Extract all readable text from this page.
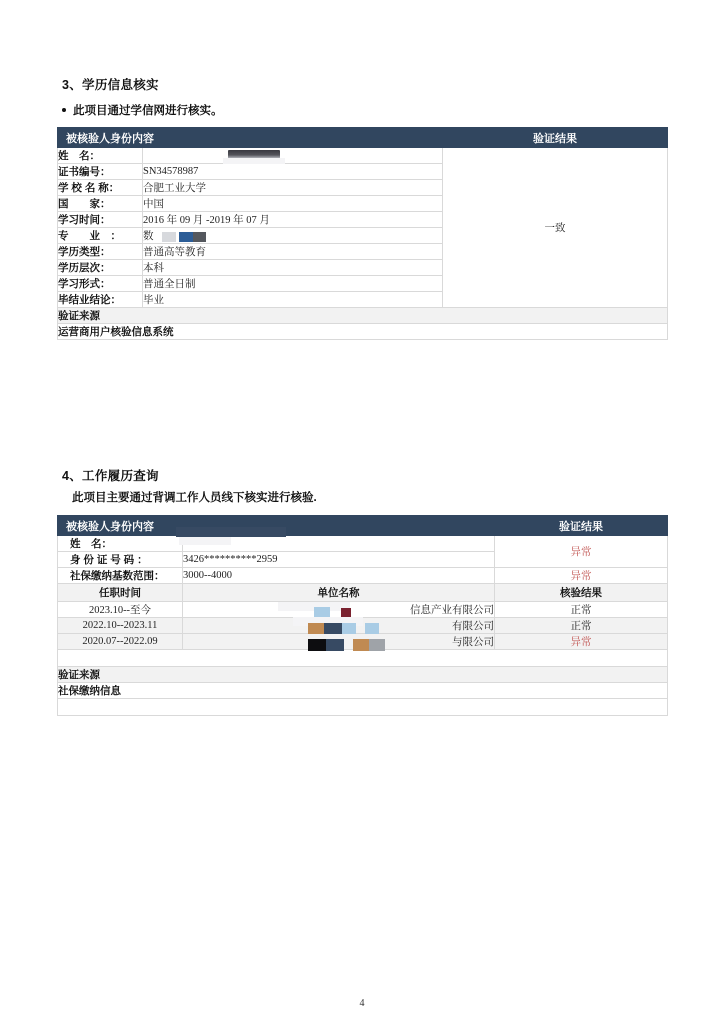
3、学历信息核实
此项目通过学信网进行核实。
被核验人身份内容		验证结果
姓　名：		一致
证书编号：	SN34578987	
学 校 名 称：	合肥工业大学	
国　　家：	中国	
学习时间：	2016 年 09 月 -2019 年 07 月	
专　　业　：	数	

学历类型：	普通高等教育	
学历层次：	本科	
学习形式：	普通全日制	
毕结业结论：	毕业	
验证来源		
运营商用户核验信息系统		
4、工作履历查询
此项目主要通过背调工作人员线下核实进行核验.
被核验人身份内容		验证结果
姓　名：		异常
身 份 证 号 码 ：	3426**********2959	
社保缴纳基数范围：	3000--4000	异常
任职时间	单位名称	核验结果
2023.10--至今	信息产业有限公司	正常
2022.10--2023.11	有限公司	正常
2020.07--2022.09	与限公司	异常

验证来源		
社保缴纳信息		

4
